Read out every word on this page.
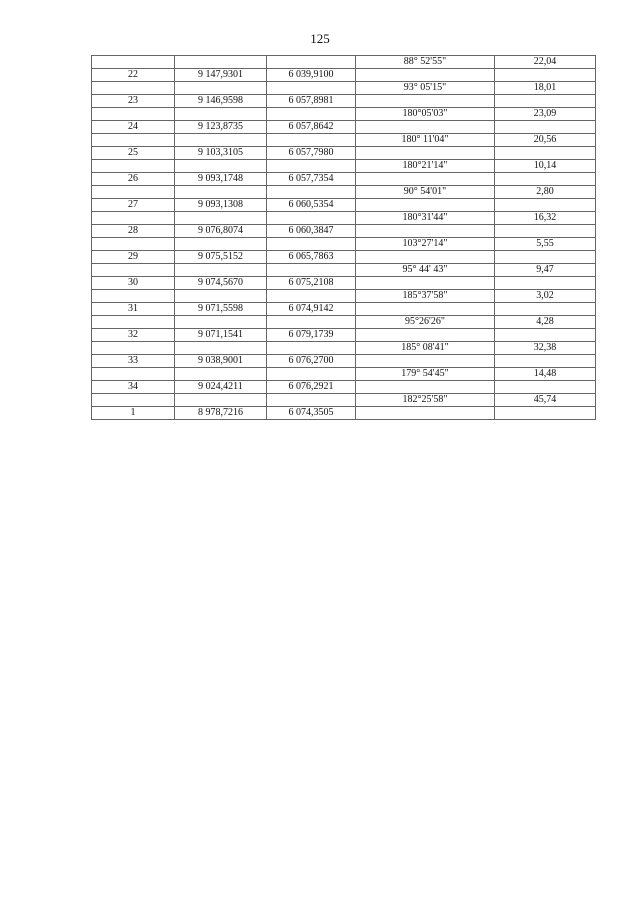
125
			88° 52'55"	22,04
22	9 147,9301	6 039,9100		
			93° 05'15"	18,01
23	9 146,9598	6 057,8981		
			180°05'03"	23,09
24	9 123,8735	6 057,8642		
			180° 11'04"	20,56
25	9 103,3105	6 057,7980		
			180°21'14"	10,14
26	9 093,1748	6 057,7354		
			90° 54'01"	2,80
27	9 093,1308	6 060,5354		
			180°31'44"	16,32
28	9 076,8074	6 060,3847		
			103°27'14"	5,55
29	9 075,5152	6 065,7863		
			95° 44' 43"	9,47
30	9 074,5670	6 075,2108		
			185°37'58"	3,02
31	9 071,5598	6 074,9142		
			95°26'26"	4,28
32	9 071,1541	6 079,1739		
			185° 08'41"	32,38
33	9 038,9001	6 076,2700		
			179° 54'45"	14,48
34	9 024,4211	6 076,2921		
			182°25'58"	45,74
1	8 978,7216	6 074,3505		
